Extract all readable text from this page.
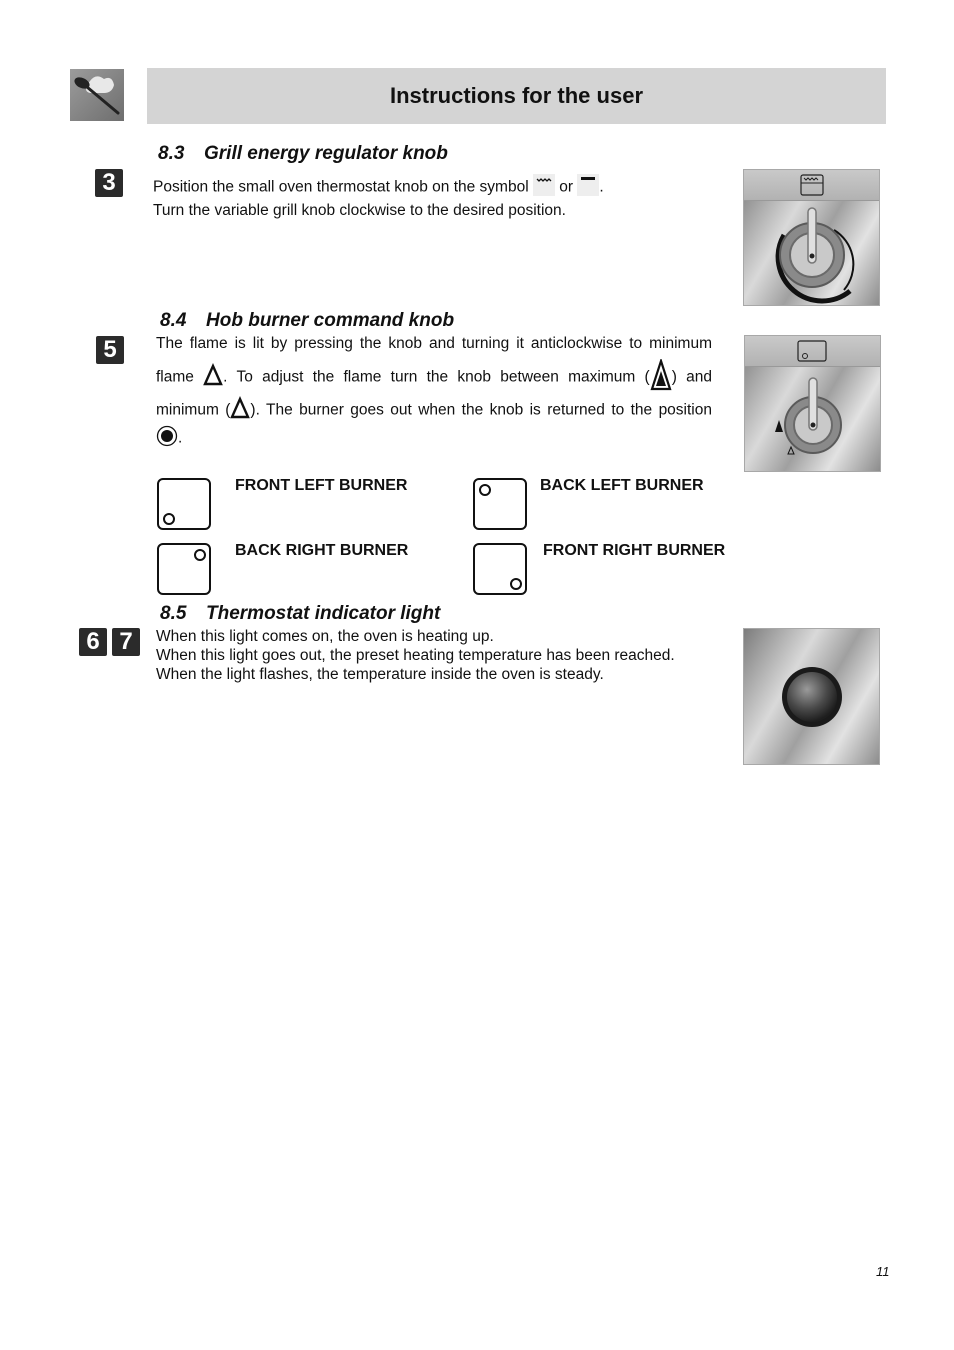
Instructions for the user
8.3 Grill energy regulator knob
3	Position the small oven thermostat knob on the symbol or .
Turn the variable grill knob clockwise to the desired position.
8.4 Hob burner command knob
5	The flame is lit by pressing the knob and turning it anticlockwise to minimum
flame . To adjust the flame turn the knob between maximum ( ) and
minimum ( ). The burner goes out when the knob is returned to the position
.
FRONT LEFT BURNER	BACK LEFT BURNER
BACK RIGHT BURNER	FRONT RIGHT BURNER
8.5 Thermostat indicator light
6 7	When this light comes on, the oven is heating up.
When this light goes out, the preset heating temperature has been reached.
When the light flashes, the temperature inside the oven is steady.
11
